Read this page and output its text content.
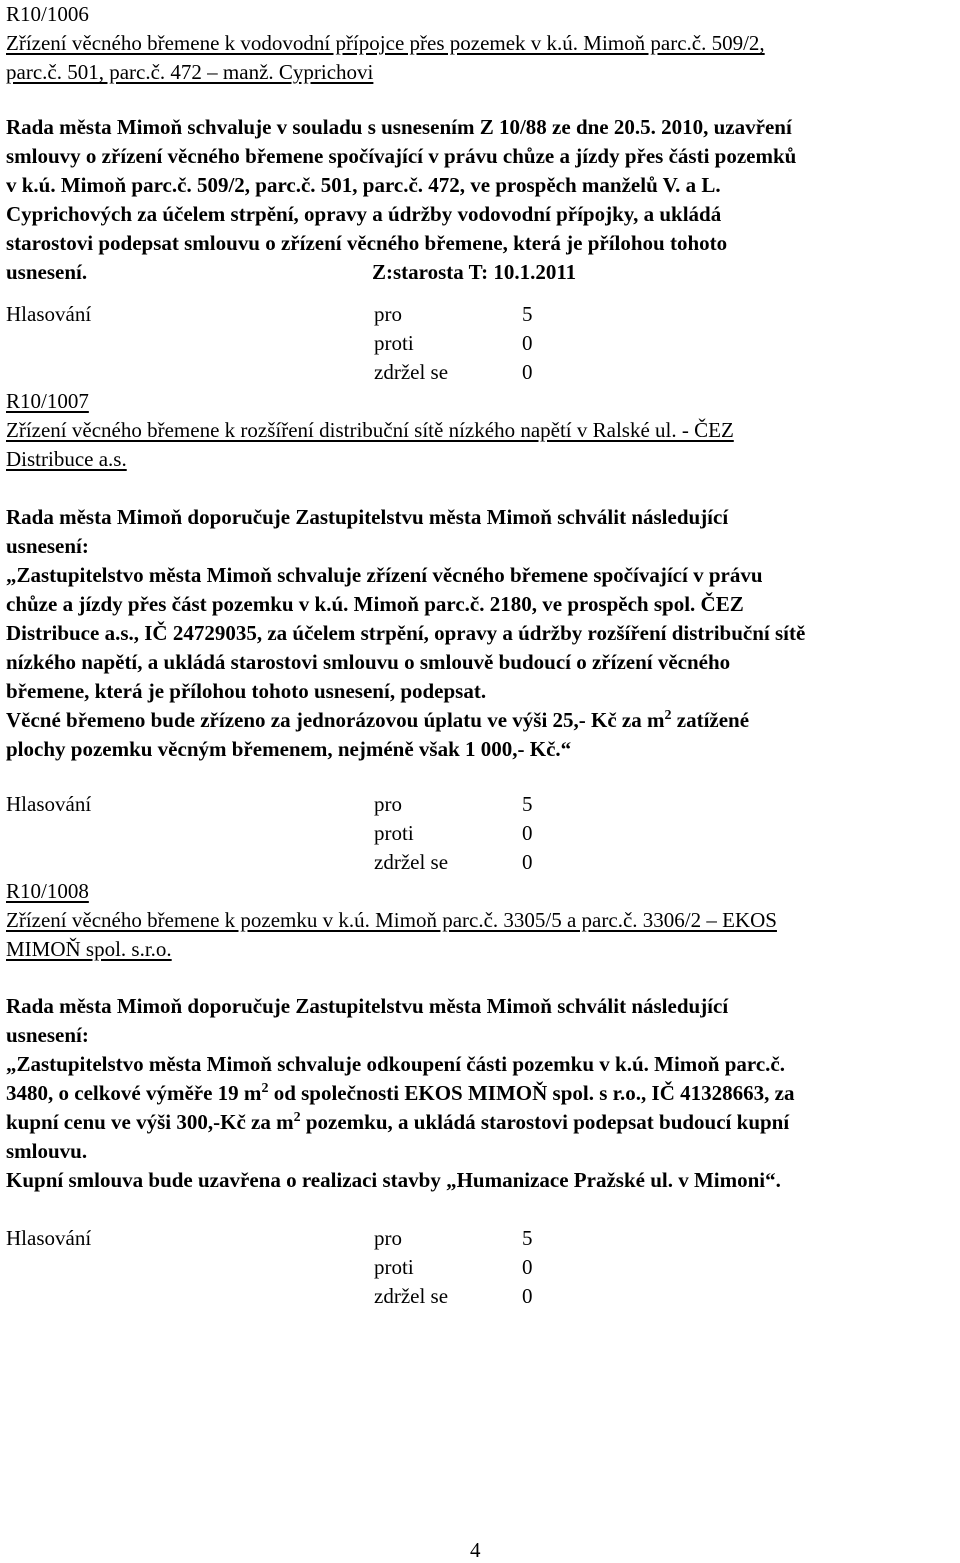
R10/1006
Zřízení věcného břemene k vodovodní přípojce přes pozemek v k.ú. Mimoň parc.č. 509/2,
parc.č. 501, parc.č. 472 – manž. Cyprichovi
Rada města Mimoň schvaluje v souladu s usnesením Z 10/88 ze dne 20.5. 2010, uzavření
smlouvy o zřízení věcného břemene spočívající v právu chůze a jízdy přes části pozemků
v k.ú. Mimoň parc.č. 509/2, parc.č. 501, parc.č. 472, ve prospěch manželů V. a L.
Cyprichových za účelem strpění, opravy a údržby vodovodní přípojky, a ukládá
starostovi podepsat smlouvu o zřízení věcného břemene, která je přílohou tohoto
usnesení.	Z:starosta T: 10.1.2011
Hlasování	pro	5
proti	0
zdržel se	0
R10/1007
Zřízení věcného břemene k rozšíření distribuční sítě nízkého napětí v Ralské ul. - ČEZ
Distribuce a.s.
Rada města Mimoň doporučuje Zastupitelstvu města Mimoň schválit následující
usnesení:
„Zastupitelstvo města Mimoň schvaluje zřízení věcného břemene spočívající v právu
chůze a jízdy přes část pozemku v k.ú. Mimoň parc.č. 2180, ve prospěch spol. ČEZ
Distribuce a.s., IČ 24729035, za účelem strpění, opravy a údržby rozšíření distribuční sítě
nízkého napětí, a ukládá starostovi smlouvu o smlouvě budoucí o zřízení věcného
břemene, která je přílohou tohoto usnesení, podepsat.
Věcné břemeno bude zřízeno za jednorázovou úplatu ve výši 25,- Kč za $m^2$ zatížené
plochy pozemku věcným břemenem, nejméně však 1 000,- Kč.“
Hlasování	pro	5
proti	0
zdržel se	0
R10/1008
Zřízení věcného břemene k pozemku v k.ú. Mimoň parc.č. 3305/5 a parc.č. 3306/2 – EKOS
MIMOŇ spol. s.r.o.
Rada města Mimoň doporučuje Zastupitelstvu města Mimoň schválit následující
usnesení:
„Zastupitelstvo města Mimoň schvaluje odkoupení části pozemku v k.ú. Mimoň parc.č.
3480, o celkové výměře 19 $m^2$ od společnosti EKOS MIMOŇ spol. s r.o., IČ 41328663, za
kupní cenu ve výši 300,-Kč za $m^2$ pozemku, a ukládá starostovi podepsat budoucí kupní
smlouvu.
Kupní smlouva bude uzavřena o realizaci stavby „Humanizace Pražské ul. v Mimoni“.
Hlasování	pro	5
proti	0
zdržel se	0
4
